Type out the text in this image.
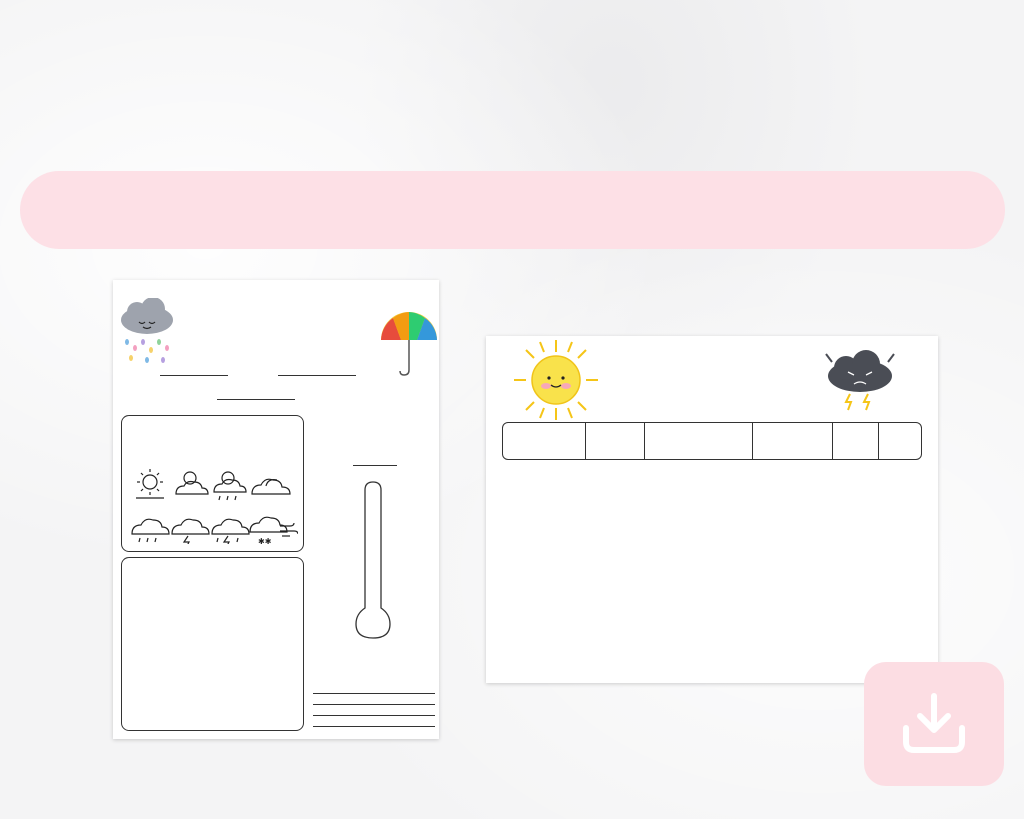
✱✱
